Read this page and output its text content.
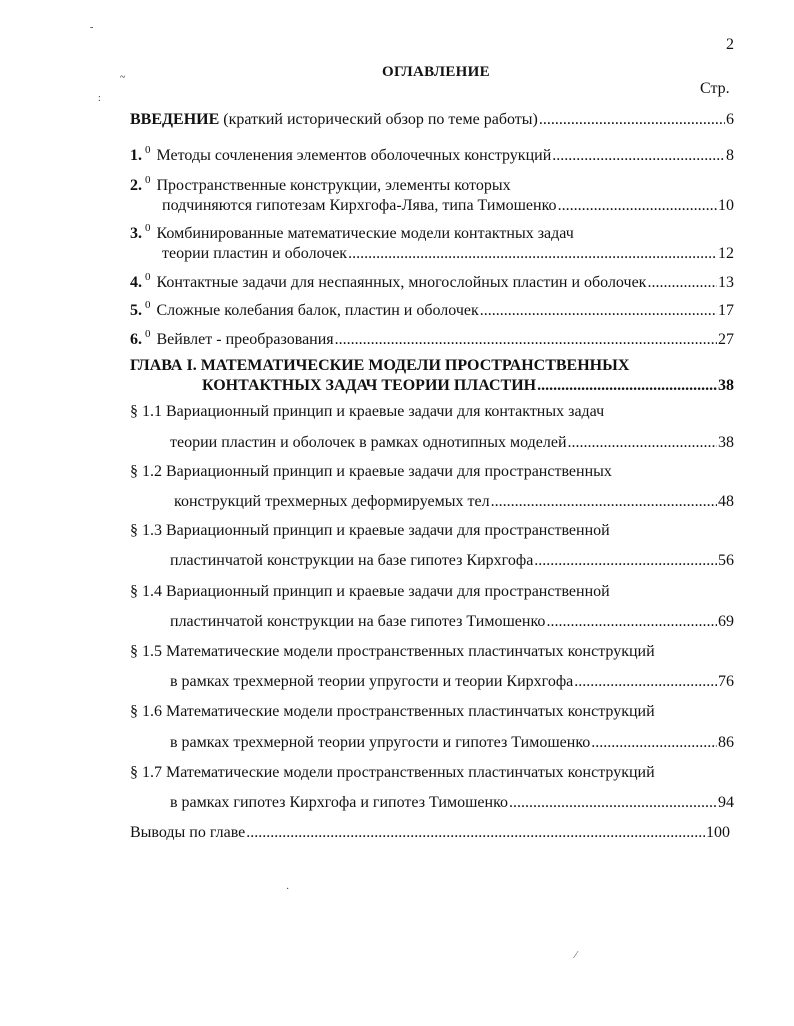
-
~
:
·
⁄
2
ОГЛАВЛЕНИЕ
Стр.
ВВЕДЕНИЕ (краткий исторический обзор по теме работы) .....	6
1. $^0$ Методы сочленения элементов оболочечных конструкций .....	8
2. $^0$ Пространственные конструкции, элементы которых
подчиняются гипотезам Кирхгофа-Лява, типа Тимошенко .....	10
3. $^0$ Комбинированные математические модели контактных задач
теории пластин и оболочек .....	12
4. $^0$ Контактные задачи для неспаянных, многослойных пластин и оболочек .....	13
5. $^0$ Сложные колебания балок, пластин и оболочек .....	17
6. $^0$ Вейвлет - преобразования .....	27
ГЛАВА I. МАТЕМАТИЧЕСКИЕ МОДЕЛИ ПРОСТРАНСТВЕННЫХ
КОНТАКТНЫХ ЗАДАЧ ТЕОРИИ ПЛАСТИН .....	38
§ 1.1 Вариационный принцип и краевые задачи для контактных задач
теории пластин и оболочек в рамках однотипных моделей .....	38
§ 1.2 Вариационный принцип и краевые задачи для пространственных
конструкций трехмерных деформируемых тел .....	48
§ 1.3 Вариационный принцип и краевые задачи для пространственной
пластинчатой конструкции на базе гипотез Кирхгофа .....	56
§ 1.4 Вариационный принцип и краевые задачи для пространственной
пластинчатой конструкции на базе гипотез Тимошенко .....	69
§ 1.5 Математические модели пространственных пластинчатых конструкций
в рамках трехмерной теории упругости и теории Кирхгофа .....	76
§ 1.6 Математические модели пространственных пластинчатых конструкций
в рамках трехмерной теории упругости и гипотез Тимошенко .....	86
§ 1.7 Математические модели пространственных пластинчатых конструкций
в рамках гипотез Кирхгофа и гипотез Тимошенко .....	94
Выводы по главе .....	100
